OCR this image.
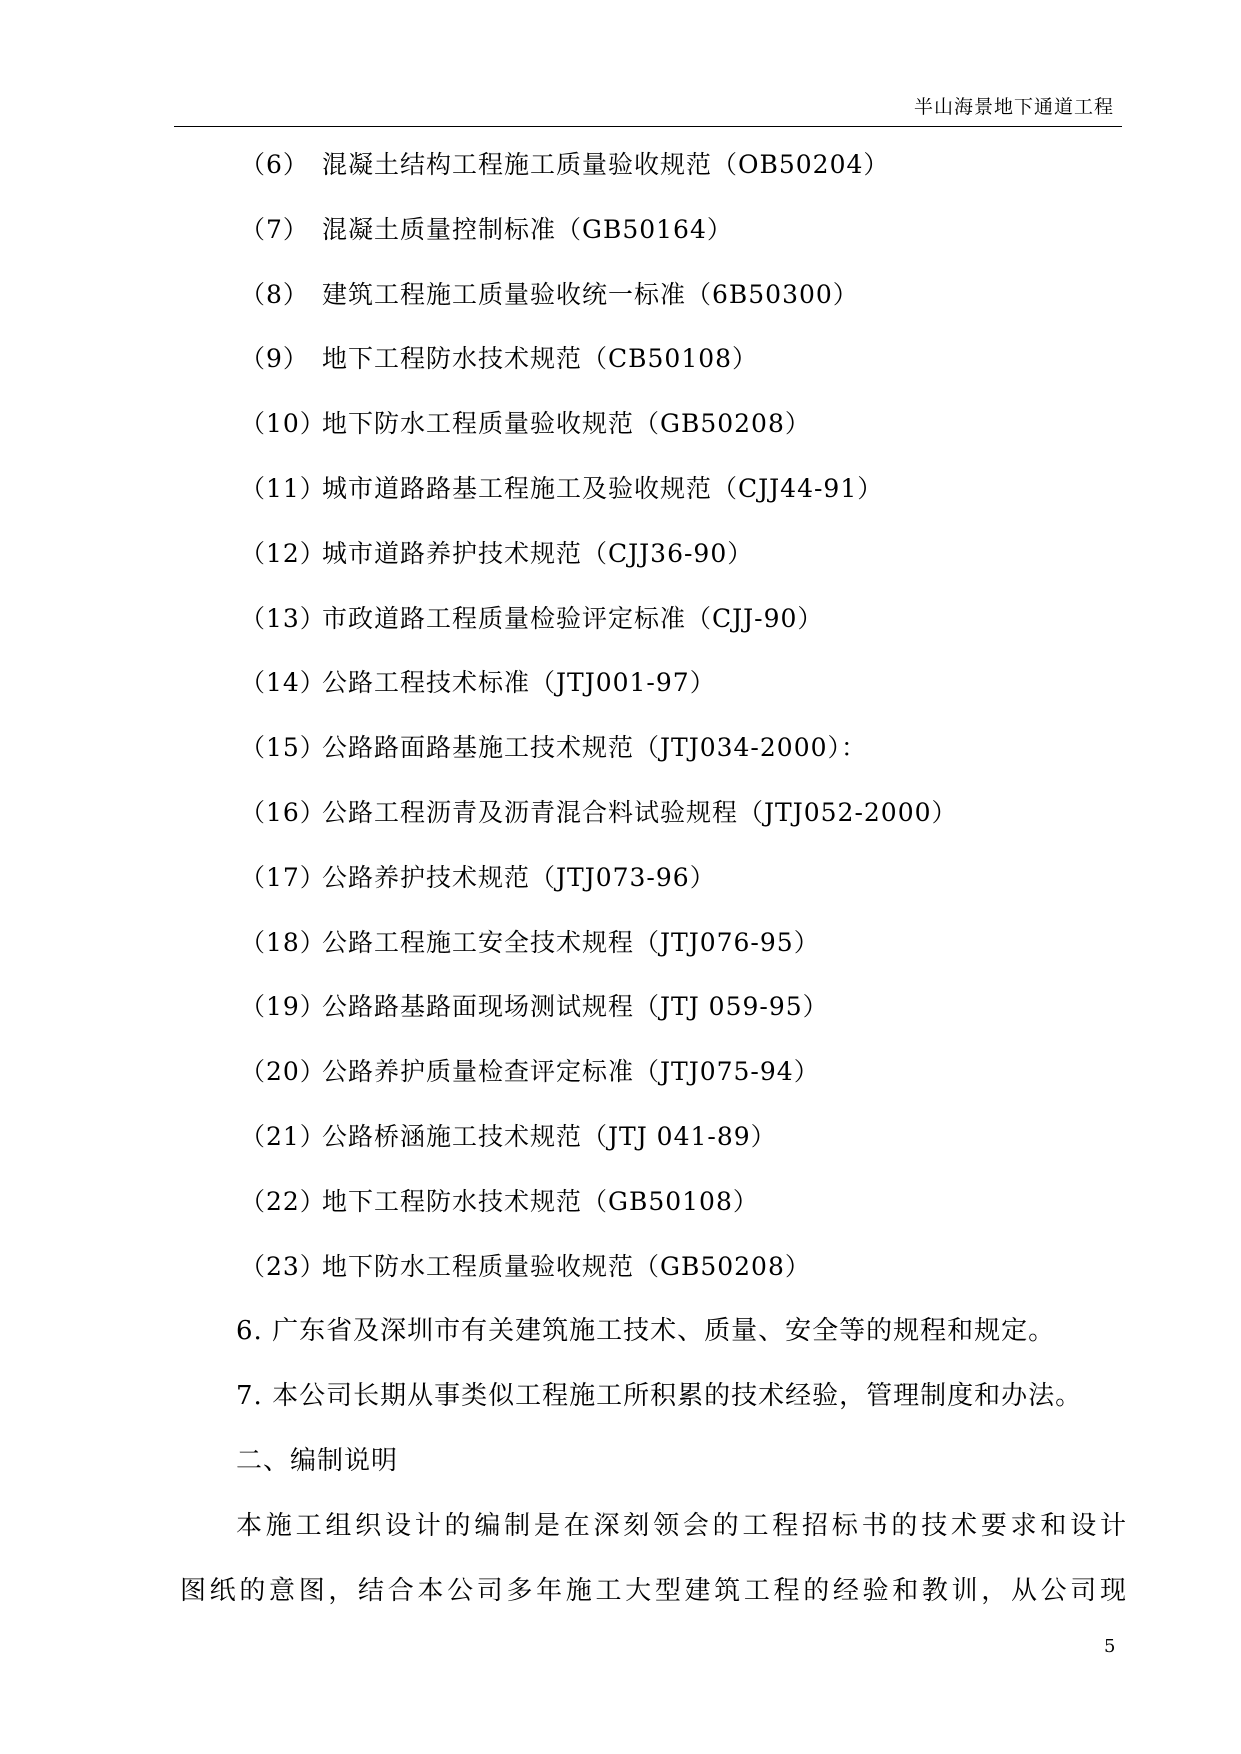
半山海景地下通道工程
（6） 混凝土结构工程施工质量验收规范（OB50204）
（7） 混凝土质量控制标准（GB50164）
（8） 建筑工程施工质量验收统一标准（6B50300）
（9） 地下工程防水技术规范（CB50108）
（10）
地下防水工程质量验收规范（GB50208）
（11）
城市道路路基工程施工及验收规范（CJJ44-91）
（12）
城市道路养护技术规范（CJJ36-90）
（13）
市政道路工程质量检验评定标准（CJJ-90）
（14）
公路工程技术标准（JTJ001-97）
（15）
公路路面路基施工技术规范（JTJ034-2000）：
（16）
公路工程沥青及沥青混合料试验规程（JTJ052-2000）
（17）
公路养护技术规范（JTJ073-96）
（18）
公路工程施工安全技术规程（JTJ076-95）
（19）
公路路基路面现场测试规程（JTJ 059-95）
（20）
公路养护质量检查评定标准（JTJ075-94）
（21）
公路桥涵施工技术规范（JTJ 041-89）
（22）
地下工程防水技术规范（GB50108）
（23）
地下防水工程质量验收规范（GB50208）
6. 广东省及深圳市有关建筑施工技术、质量、安全等的规程和规定。
7. 本公司长期从事类似工程施工所积累的技术经验，管理制度和办法。
二、编制说明
本施工组织设计的编制是在深刻领会的工程招标书的技术要求和设计
图纸的意图，结合本公司多年施工大型建筑工程的经验和教训，从公司现
5
